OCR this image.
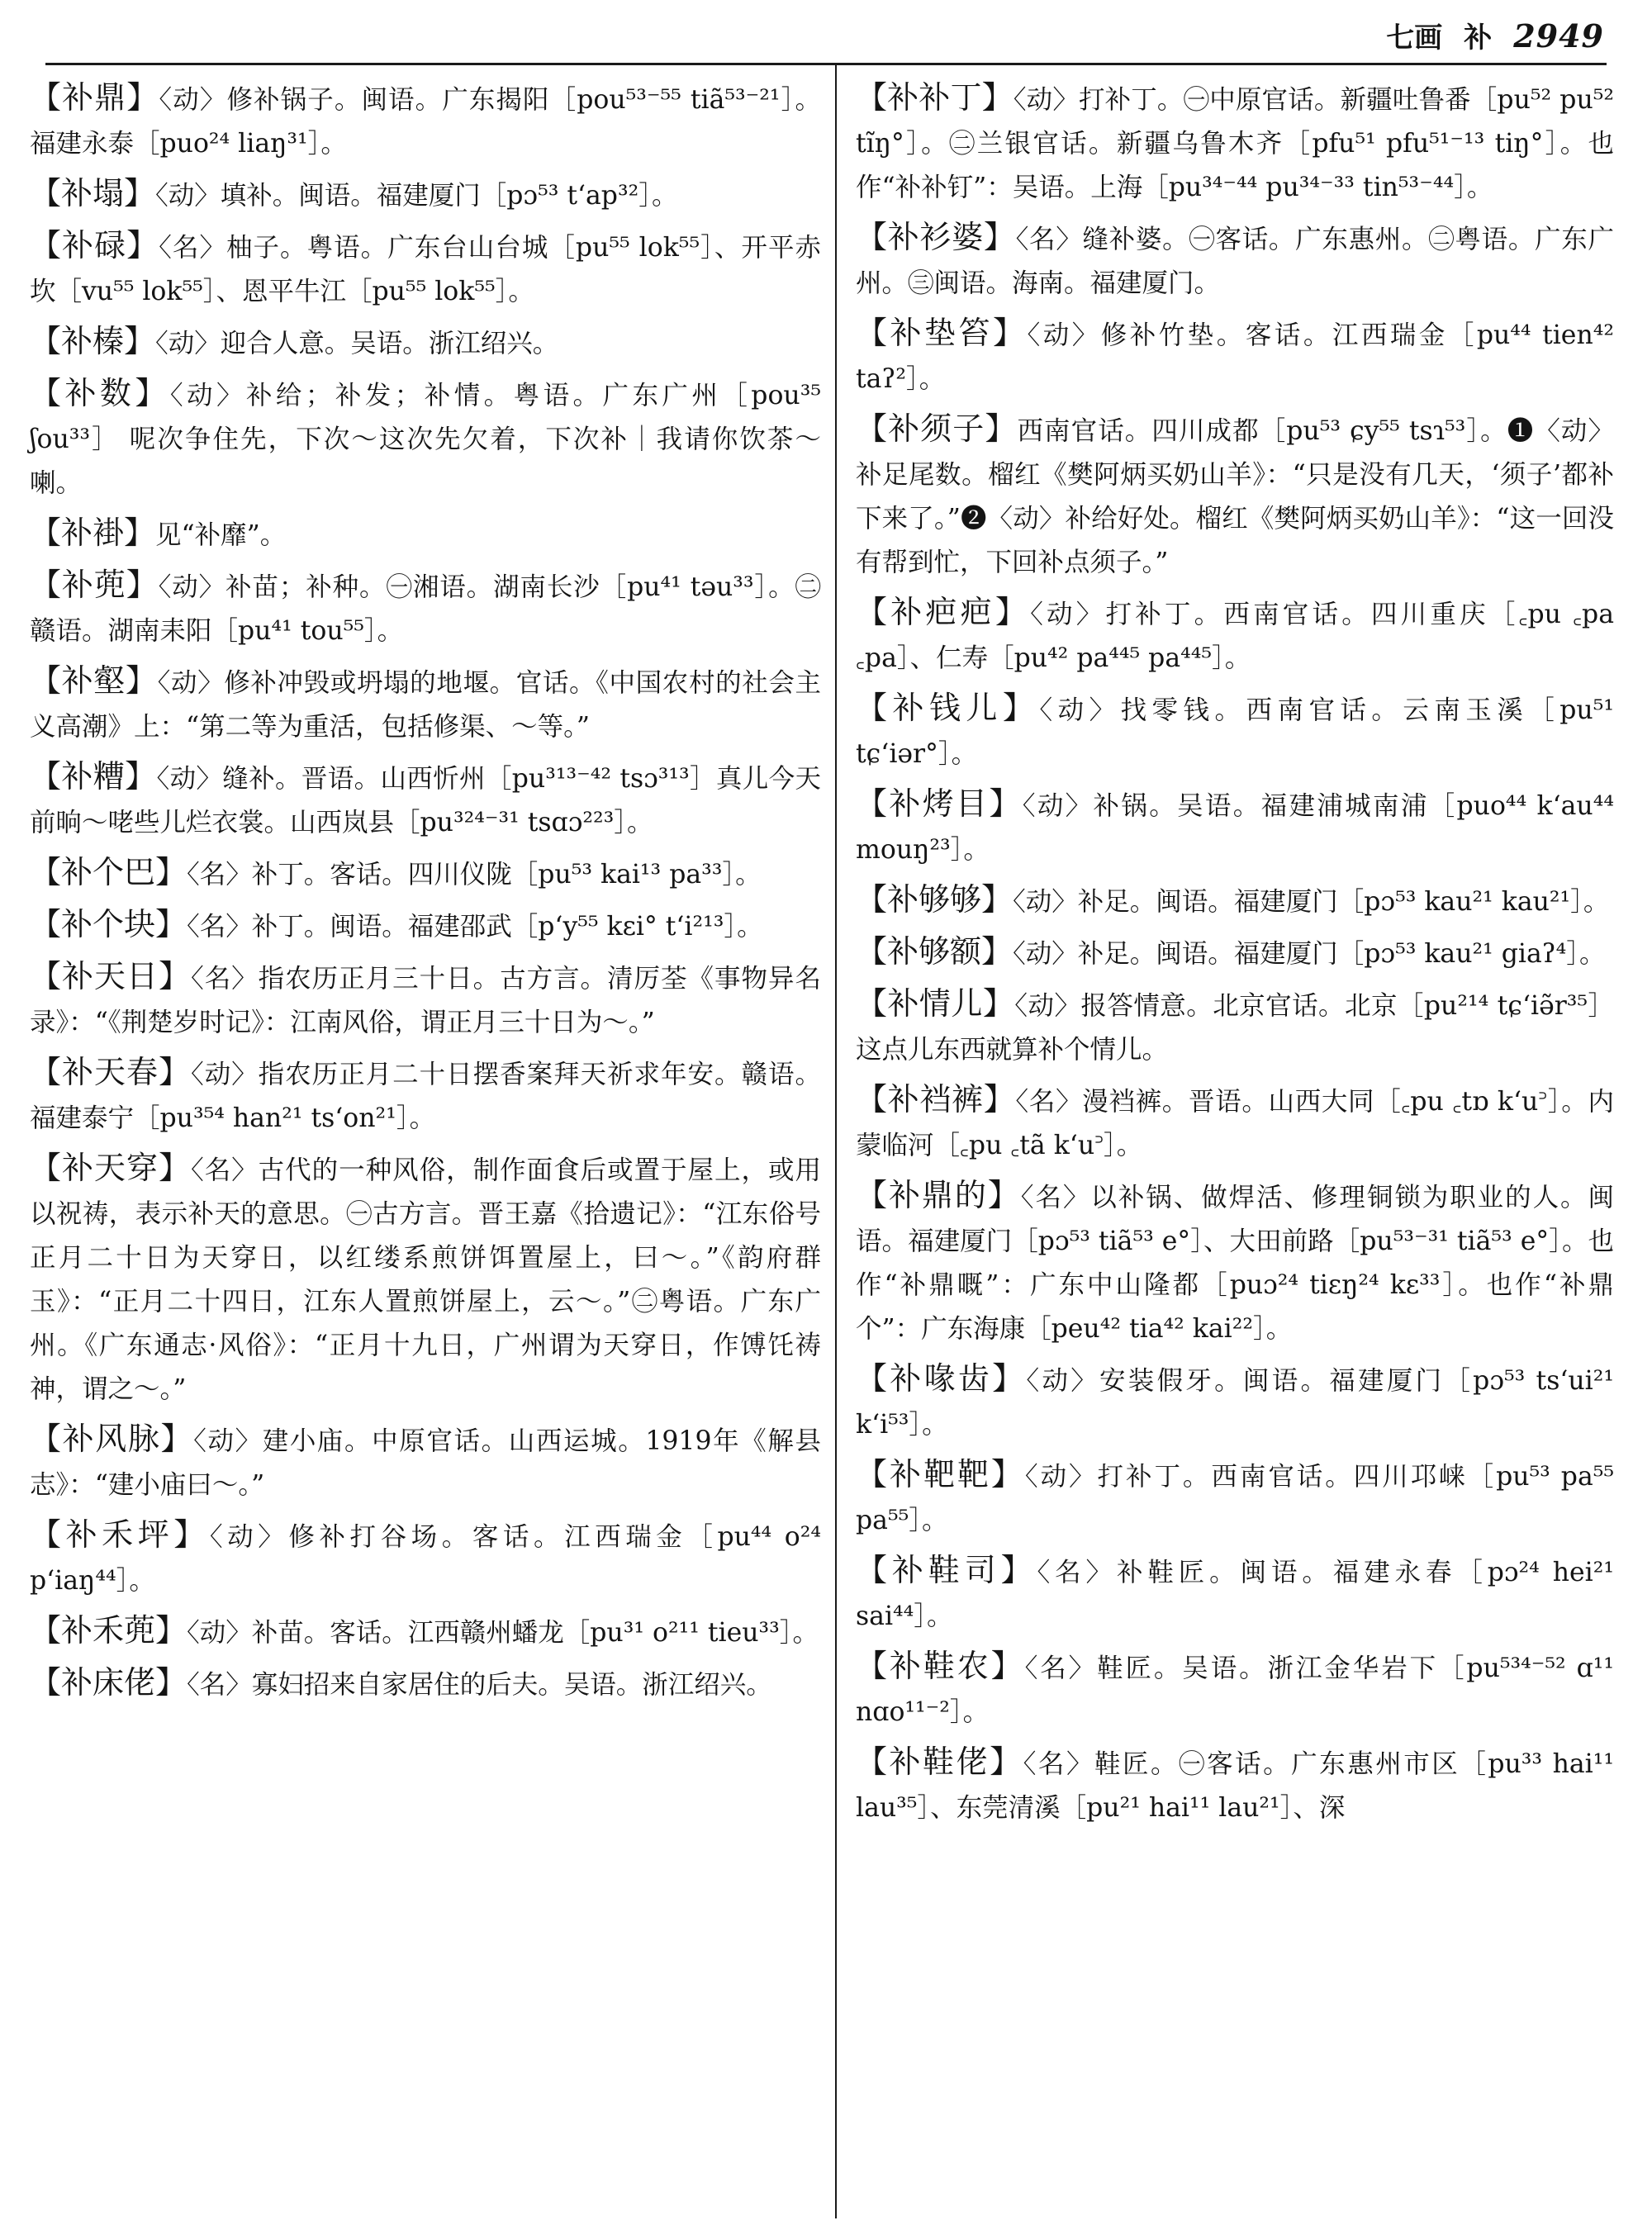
七画 补 2949
【补鼎】〈动〉修补锅子。闽语。广东揭阳［pou⁵³⁻⁵⁵ tiã⁵³⁻²¹］。福建永泰［puo²⁴ liaŋ³¹］。
【补塌】〈动〉填补。闽语。福建厦门［pɔ⁵³ tʻap³²］。
【补碌】〈名〉柚子。粤语。广东台山台城［pu⁵⁵ lok⁵⁵］、开平赤坎［vu⁵⁵ lok⁵⁵］、恩平牛江［pu⁵⁵ lok⁵⁵］。
【补榛】〈动〉迎合人意。吴语。浙江绍兴。
【补数】〈动〉补给；补发；补情。粤语。广东广州［pou³⁵ ʃou³³］ 呢次争住先，下次～这次先欠着，下次补｜我请你饮茶～喇。
【补褂】见“补靡”。
【补蔸】〈动〉补苗；补种。㊀湘语。湖南长沙［pu⁴¹ təu³³］。㊁赣语。湖南耒阳［pu⁴¹ tou⁵⁵］。
【补壑】〈动〉修补冲毁或坍塌的地堰。官话。《中国农村的社会主义高潮》上：“第二等为重活，包括修渠、～等。”
【补糟】〈动〉缝补。晋语。山西忻州［pu³¹³⁻⁴² tsɔ³¹³］真儿今天前晌～咾些儿烂衣裳。山西岚县［pu³²⁴⁻³¹ tsɑɔ²²³］。
【补个巴】〈名〉补丁。客话。四川仪陇［pu⁵³ kai¹³ pa³³］。
【补个块】〈名〉补丁。闽语。福建邵武［pʻy⁵⁵ kɛi° tʻi²¹³］。
【补天日】〈名〉指农历正月三十日。古方言。清厉荃《事物异名录》：“《荆楚岁时记》：江南风俗，谓正月三十日为～。”
【补天春】〈动〉指农历正月二十日摆香案拜天祈求年安。赣语。福建泰宁［pu³⁵⁴ han²¹ tsʻon²¹］。
【补天穿】〈名〉古代的一种风俗，制作面食后或置于屋上，或用以祝祷，表示补天的意思。㊀古方言。晋王嘉《拾遗记》：“江东俗号正月二十日为天穿日，以红缕系煎饼饵置屋上，曰～。”《韵府群玉》：“正月二十四日，江东人置煎饼屋上，云～。”㊁粤语。广东广州。《广东通志·风俗》：“正月十九日，广州谓为天穿日，作馎饦祷神，谓之～。”
【补风脉】〈动〉建小庙。中原官话。山西运城。1919年《解县志》：“建小庙曰～。”
【补禾坪】〈动〉修补打谷场。客话。江西瑞金［pu⁴⁴ o²⁴ pʻiaŋ⁴⁴］。
【补禾蔸】〈动〉补苗。客话。江西赣州蟠龙［pu³¹ o²¹¹ tieu³³］。
【补床佬】〈名〉寡妇招来自家居住的后夫。吴语。浙江绍兴。
【补补丁】〈动〉打补丁。㊀中原官话。新疆吐鲁番［pu⁵² pu⁵² tĩŋ°］。㊁兰银官话。新疆乌鲁木齐［pfu⁵¹ pfu⁵¹⁻¹³ tiŋ°］。也作“补补钉”：吴语。上海［pu³⁴⁻⁴⁴ pu³⁴⁻³³ tin⁵³⁻⁴⁴］。
【补衫婆】〈名〉缝补婆。㊀客话。广东惠州。㊁粤语。广东广州。㊂闽语。海南。福建厦门。
【补垫笞】〈动〉修补竹垫。客话。江西瑞金［pu⁴⁴ tien⁴² taʔ²］。
【补须子】西南官话。四川成都［pu⁵³ ɕy⁵⁵ tsɿ⁵³］。❶〈动〉补足尾数。榴红《樊阿炳买奶山羊》：“只是没有几天，‘须子’都补下来了。”❷〈动〉补给好处。榴红《樊阿炳买奶山羊》：“这一回没有帮到忙，下回补点须子。”
【补疤疤】〈动〉打补丁。西南官话。四川重庆［꜀pu ꜀pa ꜀pa］、仁寿［pu⁴² pa⁴⁴⁵ pa⁴⁴⁵］。
【补钱儿】〈动〉找零钱。西南官话。云南玉溪［pu⁵¹ tɕʻiər°］。
【补烤目】〈动〉补锅。吴语。福建浦城南浦［puo⁴⁴ kʻau⁴⁴ mouŋ²³］。
【补够够】〈动〉补足。闽语。福建厦门［pɔ⁵³ kau²¹ kau²¹］。
【补够额】〈动〉补足。闽语。福建厦门［pɔ⁵³ kau²¹ giaʔ⁴］。
【补情儿】〈动〉报答情意。北京官话。北京［pu²¹⁴ tɕʻiə̃r³⁵］这点儿东西就算补个情儿。
【补裆裤】〈名〉漫裆裤。晋语。山西大同［꜀pu ꜀tɒ kʻu꜄］。内蒙临河［꜀pu ꜀tã kʻu꜄］。
【补鼎的】〈名〉以补锅、做焊活、修理铜锁为职业的人。闽语。福建厦门［pɔ⁵³ tiã⁵³ e°］、大田前路［pu⁵³⁻³¹ tiã⁵³ e°］。也作“补鼎嘅”：广东中山隆都［puɔ²⁴ tiɛŋ²⁴ kɛ³³］。也作“补鼎个”：广东海康［peu⁴² tia⁴² kai²²］。
【补喙齿】〈动〉安装假牙。闽语。福建厦门［pɔ⁵³ tsʻui²¹ kʻi⁵³］。
【补靶靶】〈动〉打补丁。西南官话。四川邛崃［pu⁵³ pa⁵⁵ pa⁵⁵］。
【补鞋司】〈名〉补鞋匠。闽语。福建永春［pɔ²⁴ hei²¹ sai⁴⁴］。
【补鞋农】〈名〉鞋匠。吴语。浙江金华岩下［pu⁵³⁴⁻⁵² ɑ¹¹ nɑo¹¹⁻²］。
【补鞋佬】〈名〉鞋匠。㊀客话。广东惠州市区［pu³³ hai¹¹ lau³⁵］、东莞清溪［pu²¹ hai¹¹ lau²¹］、深
